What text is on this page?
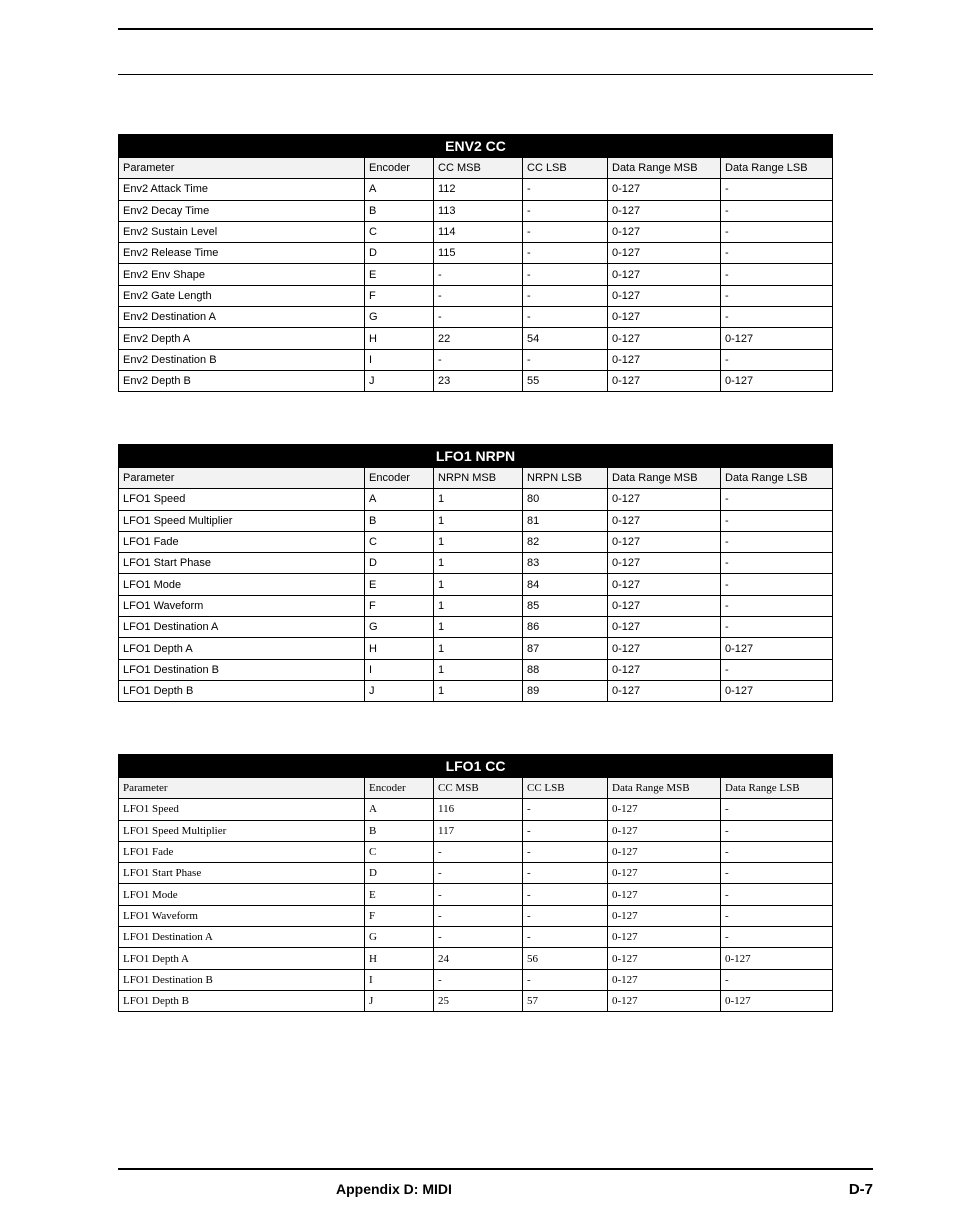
ENV2 CC					
Parameter	Encoder	CC MSB	CC LSB	Data Range MSB	Data Range LSB
Env2 Attack Time	A	112	-	0-127	-
Env2 Decay Time	B	113	-	0-127	-
Env2 Sustain Level	C	114	-	0-127	-
Env2 Release Time	D	115	-	0-127	-
Env2 Env Shape	E	-	-	0-127	-
Env2 Gate Length	F	-	-	0-127	-
Env2 Destination A	G	-	-	0-127	-
Env2 Depth A	H	22	54	0-127	0-127
Env2 Destination B	I	-	-	0-127	-
Env2 Depth B	J	23	55	0-127	0-127
LFO1 NRPN					
Parameter	Encoder	NRPN MSB	NRPN LSB	Data Range MSB	Data Range LSB
LFO1 Speed	A	1	80	0-127	-
LFO1 Speed Multiplier	B	1	81	0-127	-
LFO1 Fade	C	1	82	0-127	-
LFO1 Start Phase	D	1	83	0-127	-
LFO1 Mode	E	1	84	0-127	-
LFO1 Waveform	F	1	85	0-127	-
LFO1 Destination A	G	1	86	0-127	-
LFO1 Depth A	H	1	87	0-127	0-127
LFO1 Destination B	I	1	88	0-127	-
LFO1 Depth B	J	1	89	0-127	0-127
LFO1 CC					
Parameter	Encoder	CC MSB	CC LSB	Data Range MSB	Data Range LSB
LFO1 Speed	A	116	-	0-127	-
LFO1 Speed Multiplier	B	117	-	0-127	-
LFO1 Fade	C	-	-	0-127	-
LFO1 Start Phase	D	-	-	0-127	-
LFO1 Mode	E	-	-	0-127	-
LFO1 Waveform	F	-	-	0-127	-
LFO1 Destination A	G	-	-	0-127	-
LFO1 Depth A	H	24	56	0-127	0-127
LFO1 Destination B	I	-	-	0-127	-
LFO1 Depth B	J	25	57	0-127	0-127
Appendix D: MIDI	D-7
